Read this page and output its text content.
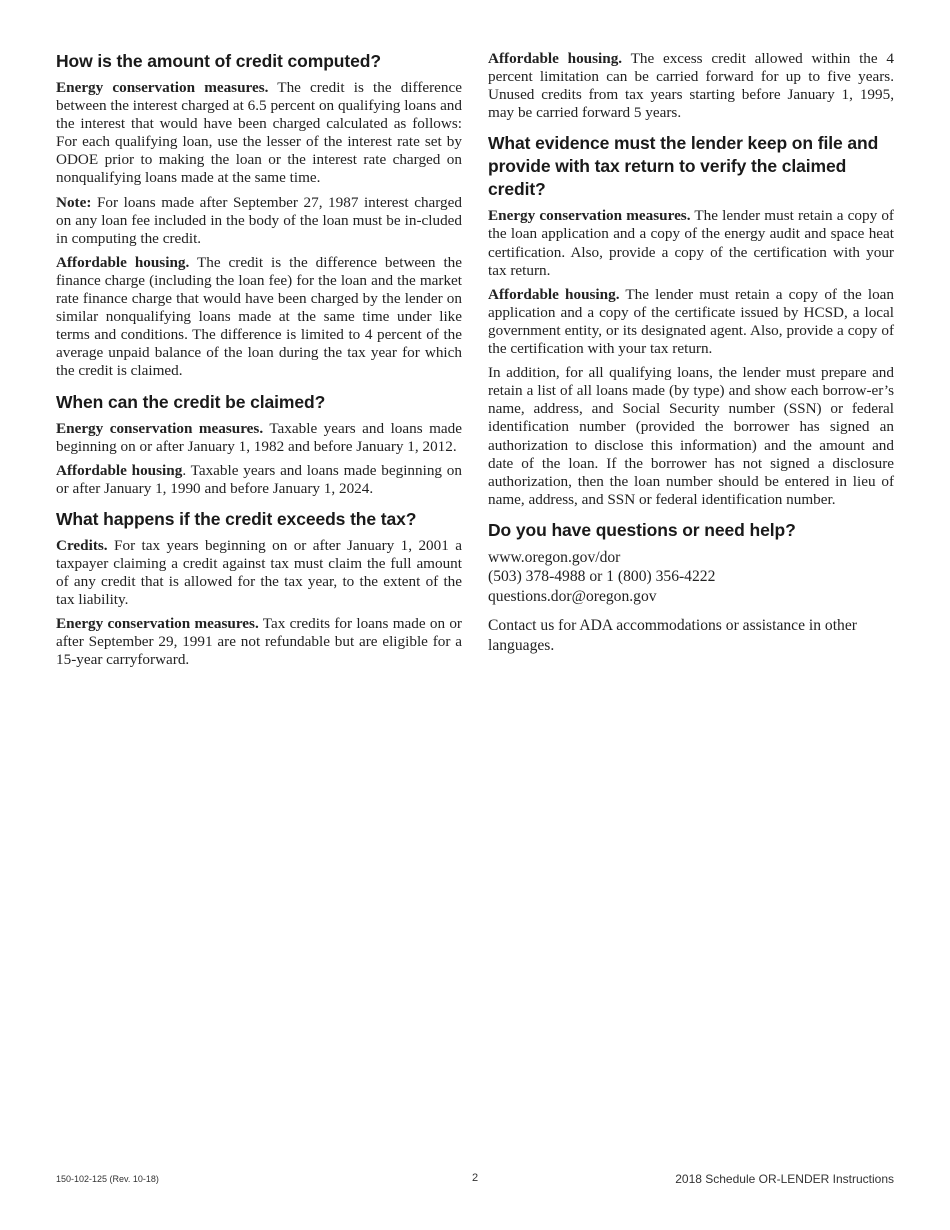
How is the amount of credit computed?

Energy conservation measures. The credit is the difference between the interest charged at 6.5 percent on qualifying loans and the interest that would have been charged calculated as follows: For each qualifying loan, use the lesser of the interest rate set by ODOE prior to making the loan or the interest rate charged on nonqualifying loans made at the same time.

Note: For loans made after September 27, 1987 interest charged on any loan fee included in the body of the loan must be in-cluded in computing the credit.

Affordable housing. The credit is the difference between the finance charge (including the loan fee) for the loan and the market rate finance charge that would have been charged by the lender on similar nonqualifying loans made at the same time under like terms and conditions. The difference is limited to 4 percent of the average unpaid balance of the loan during the tax year for which the credit is claimed.

When can the credit be claimed?

Energy conservation measures. Taxable years and loans made beginning on or after January 1, 1982 and before January 1, 2012.

Affordable housing. Taxable years and loans made beginning on or after January 1, 1990 and before January 1, 2024.

What happens if the credit exceeds the tax?

Credits. For tax years beginning on or after January 1, 2001 a taxpayer claiming a credit against tax must claim the full amount of any credit that is allowed for the tax year, to the extent of the tax liability.

Energy conservation measures. Tax credits for loans made on or after September 29, 1991 are not refundable but are eligible for a 15-year carryforward.

Affordable housing. The excess credit allowed within the 4 percent limitation can be carried forward for up to five years. Unused credits from tax years starting before January 1, 1995, may be carried forward 5 years.

What evidence must the lender keep on file and provide with tax return to verify the claimed credit?

Energy conservation measures. The lender must retain a copy of the loan application and a copy of the energy audit and space heat certification. Also, provide a copy of the certification with your tax return.

Affordable housing. The lender must retain a copy of the loan application and a copy of the certificate issued by HCSD, a local government entity, or its designated agent. Also, provide a copy of the certification with your tax return.

In addition, for all qualifying loans, the lender must prepare and retain a list of all loans made (by type) and show each borrow-er’s name, address, and Social Security number (SSN) or federal identification number (provided the borrower has signed an authorization to disclose this information) and the amount and date of the loan. If the borrower has not signed a disclosure authorization, then the loan number should be entered in lieu of name, address, and SSN or federal identification number.

Do you have questions or need help?

www.oregon.gov/dor

(503) 378-4988 or 1 (800) 356-4222

questions.dor@oregon.gov

Contact us for ADA accommodations or assistance in other languages.

150-102-125 (Rev. 10-18)	2	2018 Schedule OR-LENDER Instructions
